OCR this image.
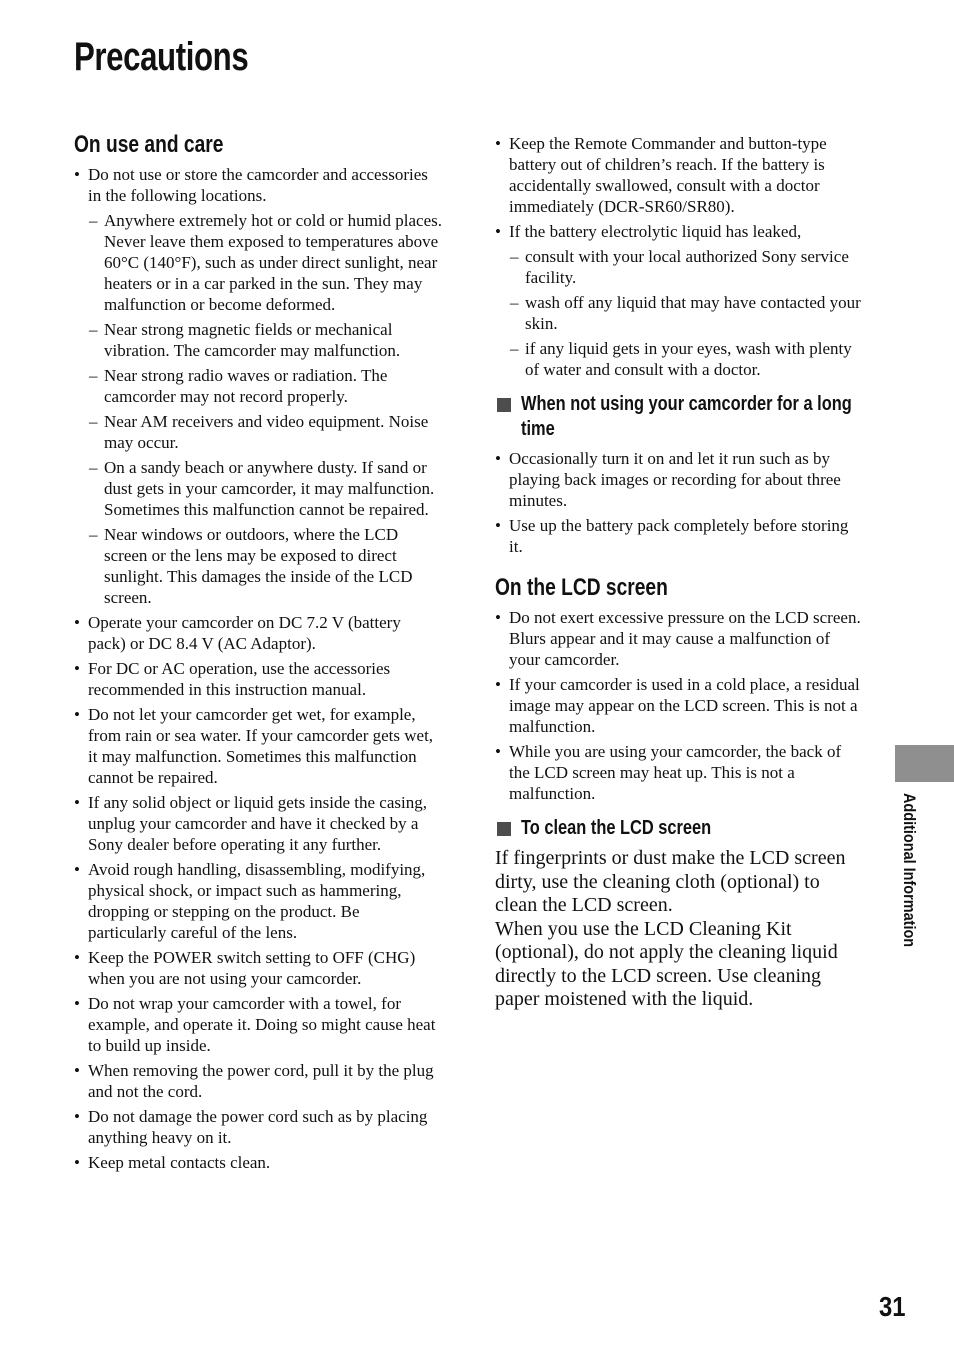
Precautions
On use and care
• Do not use or store the camcorder and accessories in the following locations.
– Anywhere extremely hot or cold or humid places. Never leave them exposed to temperatures above 60°C (140°F), such as under direct sunlight, near heaters or in a car parked in the sun. They may malfunction or become deformed.
– Near strong magnetic fields or mechanical vibration. The camcorder may malfunction.
– Near strong radio waves or radiation. The camcorder may not record properly.
– Near AM receivers and video equipment. Noise may occur.
– On a sandy beach or anywhere dusty. If sand or dust gets in your camcorder, it may malfunction. Sometimes this malfunction cannot be repaired.
– Near windows or outdoors, where the LCD screen or the lens may be exposed to direct sunlight. This damages the inside of the LCD screen.
• Operate your camcorder on DC 7.2 V (battery pack) or DC 8.4 V (AC Adaptor).
• For DC or AC operation, use the accessories recommended in this instruction manual.
• Do not let your camcorder get wet, for example, from rain or sea water. If your camcorder gets wet, it may malfunction. Sometimes this malfunction cannot be repaired.
• If any solid object or liquid gets inside the casing, unplug your camcorder and have it checked by a Sony dealer before operating it any further.
• Avoid rough handling, disassembling, modifying, physical shock, or impact such as hammering, dropping or stepping on the product. Be particularly careful of the lens.
• Keep the POWER switch setting to OFF (CHG) when you are not using your camcorder.
• Do not wrap your camcorder with a towel, for example, and operate it. Doing so might cause heat to build up inside.
• When removing the power cord, pull it by the plug and not the cord.
• Do not damage the power cord such as by placing anything heavy on it.
• Keep metal contacts clean.
• Keep the Remote Commander and button-type battery out of children’s reach. If the battery is accidentally swallowed, consult with a doctor immediately (DCR-SR60/SR80).
• If the battery electrolytic liquid has leaked,
– consult with your local authorized Sony service facility.
– wash off any liquid that may have contacted your skin.
– if any liquid gets in your eyes, wash with plenty of water and consult with a doctor.
When not using your camcorder for a long time
• Occasionally turn it on and let it run such as by playing back images or recording for about three minutes.
• Use up the battery pack completely before storing it.
On the LCD screen
• Do not exert excessive pressure on the LCD screen. Blurs appear and it may cause a malfunction of your camcorder.
• If your camcorder is used in a cold place, a residual image may appear on the LCD screen. This is not a malfunction.
• While you are using your camcorder, the back of the LCD screen may heat up. This is not a malfunction.
To clean the LCD screen

If fingerprints or dust make the LCD screen dirty, use the cleaning cloth (optional) to clean the LCD screen.

When you use the LCD Cleaning Kit (optional), do not apply the cleaning liquid directly to the LCD screen. Use cleaning paper moistened with the liquid.

Additional Information
31
